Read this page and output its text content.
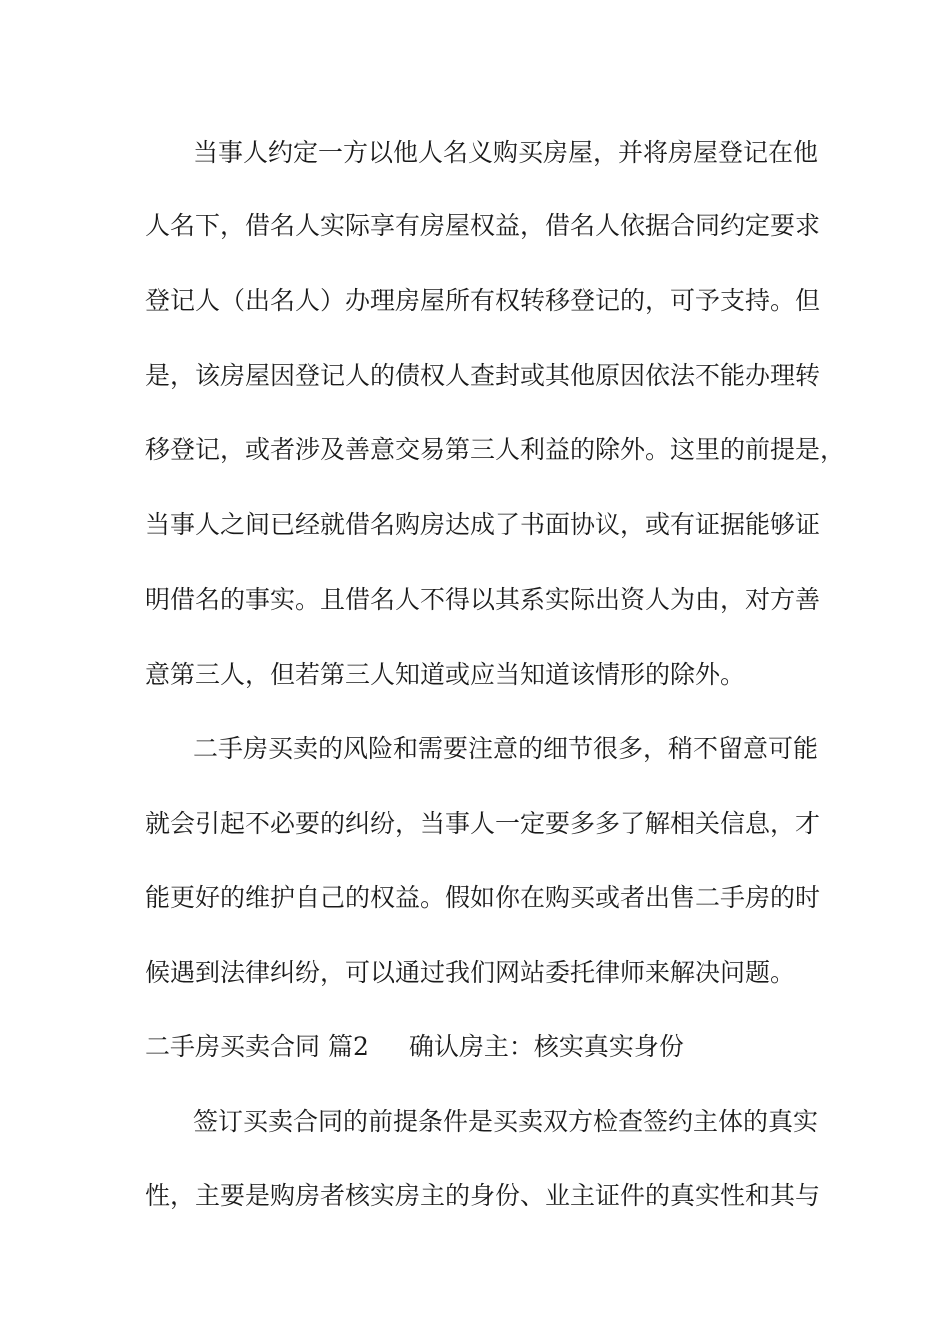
当事人约定一方以他人名义购买房屋，并将房屋登记在他

人名下，借名人实际享有房屋权益，借名人依据合同约定要求

登记人（出名人）办理房屋所有权转移登记的，可予支持。但

是，该房屋因登记人的债权人查封或其他原因依法不能办理转

移登记，或者涉及善意交易第三人利益的除外。这里的前提是，

当事人之间已经就借名购房达成了书面协议，或有证据能够证

明借名的事实。且借名人不得以其系实际出资人为由，对方善

意第三人，但若第三人知道或应当知道该情形的除外。

二手房买卖的风险和需要注意的细节很多，稍不留意可能

就会引起不必要的纠纷，当事人一定要多多了解相关信息，才

能更好的维护自己的权益。假如你在购买或者出售二手房的时

候遇到法律纠纷，可以通过我们网站委托律师来解决问题。

二手房买卖合同 篇2 确认房主：核实真实身份

签订买卖合同的前提条件是买卖双方检查签约主体的真实

性，主要是购房者核实房主的身份、业主证件的真实性和其与
